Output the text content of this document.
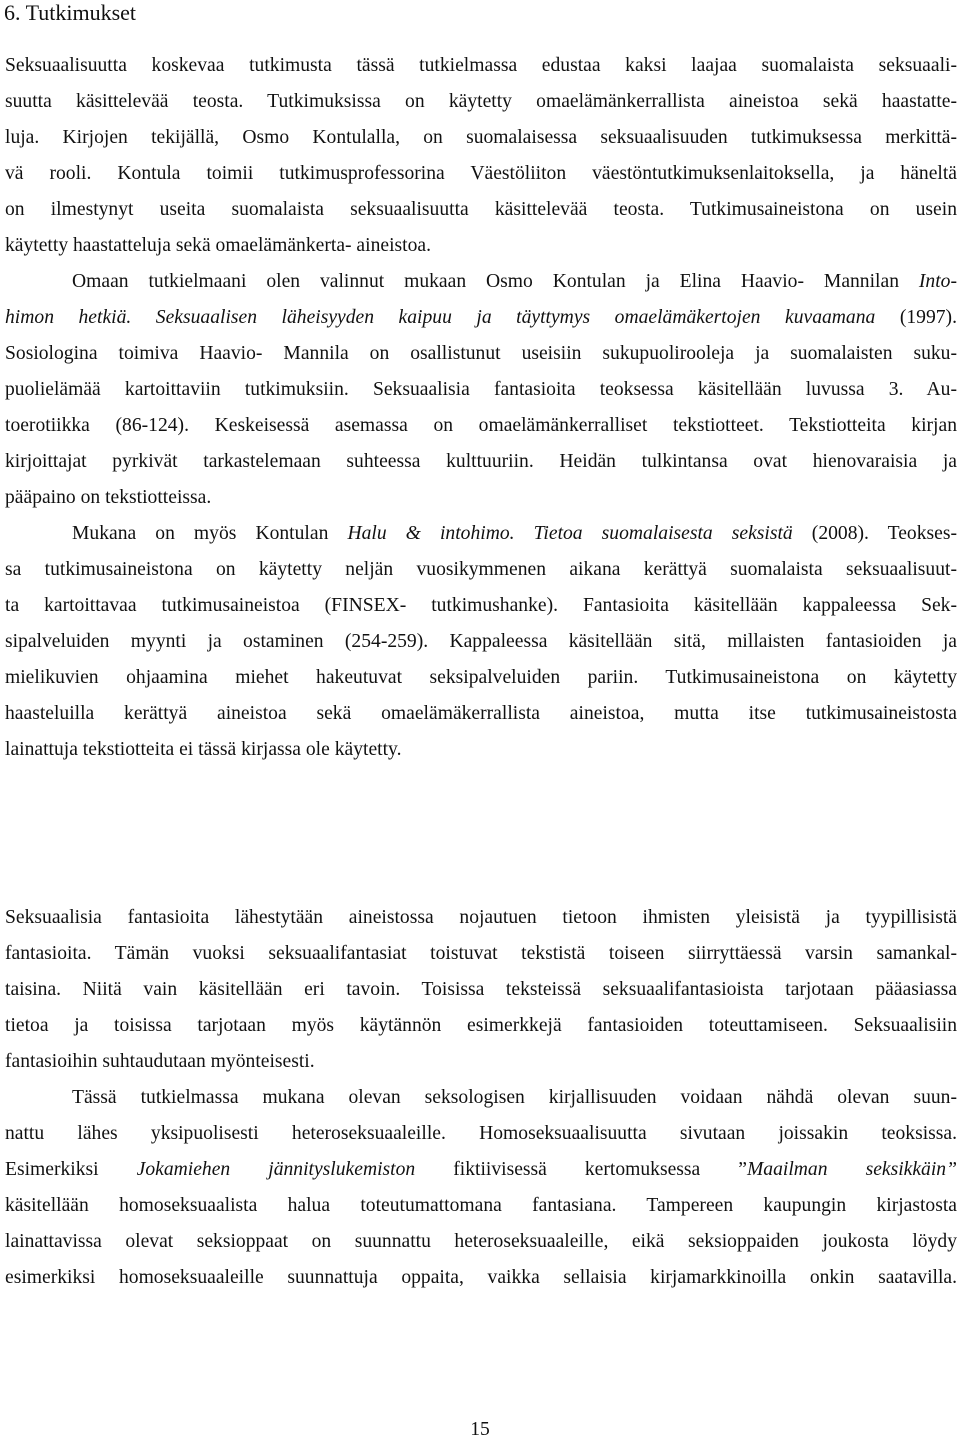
6. Tutkimukset
Seksuaalisuutta koskevaa tutkimusta tässä tutkielmassa edustaa kaksi laajaa suomalaista seksuaali-
suutta käsittelevää teosta. Tutkimuksissa on käytetty omaelämänkerrallista aineistoa sekä haastatte-
luja. Kirjojen tekijällä, Osmo Kontulalla, on suomalaisessa seksuaalisuuden tutkimuksessa merkittä-
vä rooli. Kontula toimii tutkimusprofessorina Väestöliiton väestöntutkimuksenlaitoksella, ja häneltä
on ilmestynyt useita suomalaista seksuaalisuutta käsittelevää teosta. Tutkimusaineistona on usein
käytetty haastatteluja sekä omaelämänkerta- aineistoa.
Omaan tutkielmaani olen valinnut mukaan Osmo Kontulan ja Elina Haavio- Mannilan Into-
himon hetkiä. Seksuaalisen läheisyyden kaipuu ja täyttymys omaelämäkertojen kuvaamana (1997).
Sosiologina toimiva Haavio- Mannila on osallistunut useisiin sukupuolirooleja ja suomalaisten suku-
puolielämää kartoittaviin tutkimuksiin. Seksuaalisia fantasioita teoksessa käsitellään luvussa 3. Au-
toerotiikka (86-124). Keskeisessä asemassa on omaelämänkerralliset tekstiotteet. Tekstiotteita kirjan
kirjoittajat pyrkivät tarkastelemaan suhteessa kulttuuriin. Heidän tulkintansa ovat hienovaraisia ja
pääpaino on tekstiotteissa.
Mukana on myös Kontulan Halu & intohimo. Tietoa suomalaisesta seksistä (2008). Teokses-
sa tutkimusaineistona on käytetty neljän vuosikymmenen aikana kerättyä suomalaista seksuaalisuut-
ta kartoittavaa tutkimusaineistoa (FINSEX- tutkimushanke). Fantasioita käsitellään kappaleessa Sek-
sipalveluiden myynti ja ostaminen (254-259). Kappaleessa käsitellään sitä, millaisten fantasioiden ja
mielikuvien ohjaamina miehet hakeutuvat seksipalveluiden pariin. Tutkimusaineistona on käytetty
haasteluilla kerättyä aineistoa sekä omaelämäkerrallista aineistoa, mutta itse tutkimusaineistosta
lainattuja tekstiotteita ei tässä kirjassa ole käytetty.
Seksuaalisia fantasioita lähestytään aineistossa nojautuen tietoon ihmisten yleisistä ja tyypillisistä
fantasioita. Tämän vuoksi seksuaalifantasiat toistuvat tekstistä toiseen siirryttäessä varsin samankal-
taisina. Niitä vain käsitellään eri tavoin. Toisissa teksteissä seksuaalifantasioista tarjotaan pääasiassa
tietoa ja toisissa tarjotaan myös käytännön esimerkkejä fantasioiden toteuttamiseen. Seksuaalisiin
fantasioihin suhtaudutaan myönteisesti.
Tässä tutkielmassa mukana olevan seksologisen kirjallisuuden voidaan nähdä olevan suun-
nattu lähes yksipuolisesti heteroseksuaaleille. Homoseksuaalisuutta sivutaan joissakin teoksissa.
Esimerkiksi Jokamiehen jännityslukemiston fiktiivisessä kertomuksessa ”Maailman seksikkäin”
käsitellään homoseksuaalista halua toteutumattomana fantasiana. Tampereen kaupungin kirjastosta
lainattavissa olevat seksioppaat on suunnattu heteroseksuaaleille, eikä seksioppaiden joukosta löydy
esimerkiksi homoseksuaaleille suunnattuja oppaita, vaikka sellaisia kirjamarkkinoilla onkin saatavilla.
15
